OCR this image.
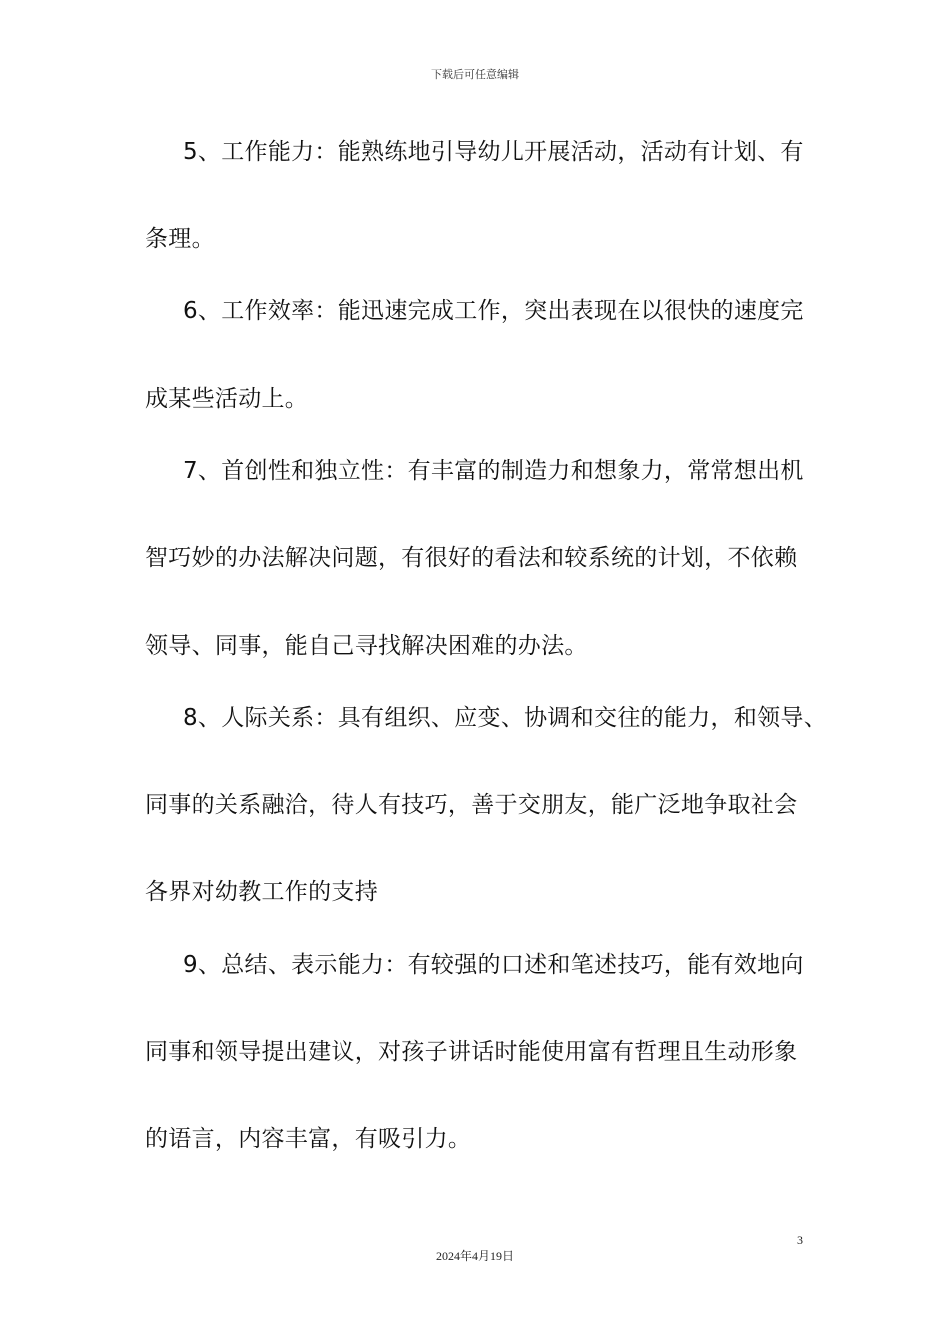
下载后可任意编辑
5、工作能力：能熟练地引导幼儿开展活动，活动有计划、有
条理。
6、工作效率：能迅速完成工作，突出表现在以很快的速度完
成某些活动上。
7、首创性和独立性：有丰富的制造力和想象力，常常想出机
智巧妙的办法解决问题，有很好的看法和较系统的计划，不依赖
领导、同事，能自己寻找解决困难的办法。
8、人际关系：具有组织、应变、协调和交往的能力，和领导、
同事的关系融洽，待人有技巧，善于交朋友，能广泛地争取社会
各界对幼教工作的支持
9、总结、表示能力：有较强的口述和笔述技巧，能有效地向
同事和领导提出建议，对孩子讲话时能使用富有哲理且生动形象
的语言，内容丰富，有吸引力。
3
2024年4月19日
